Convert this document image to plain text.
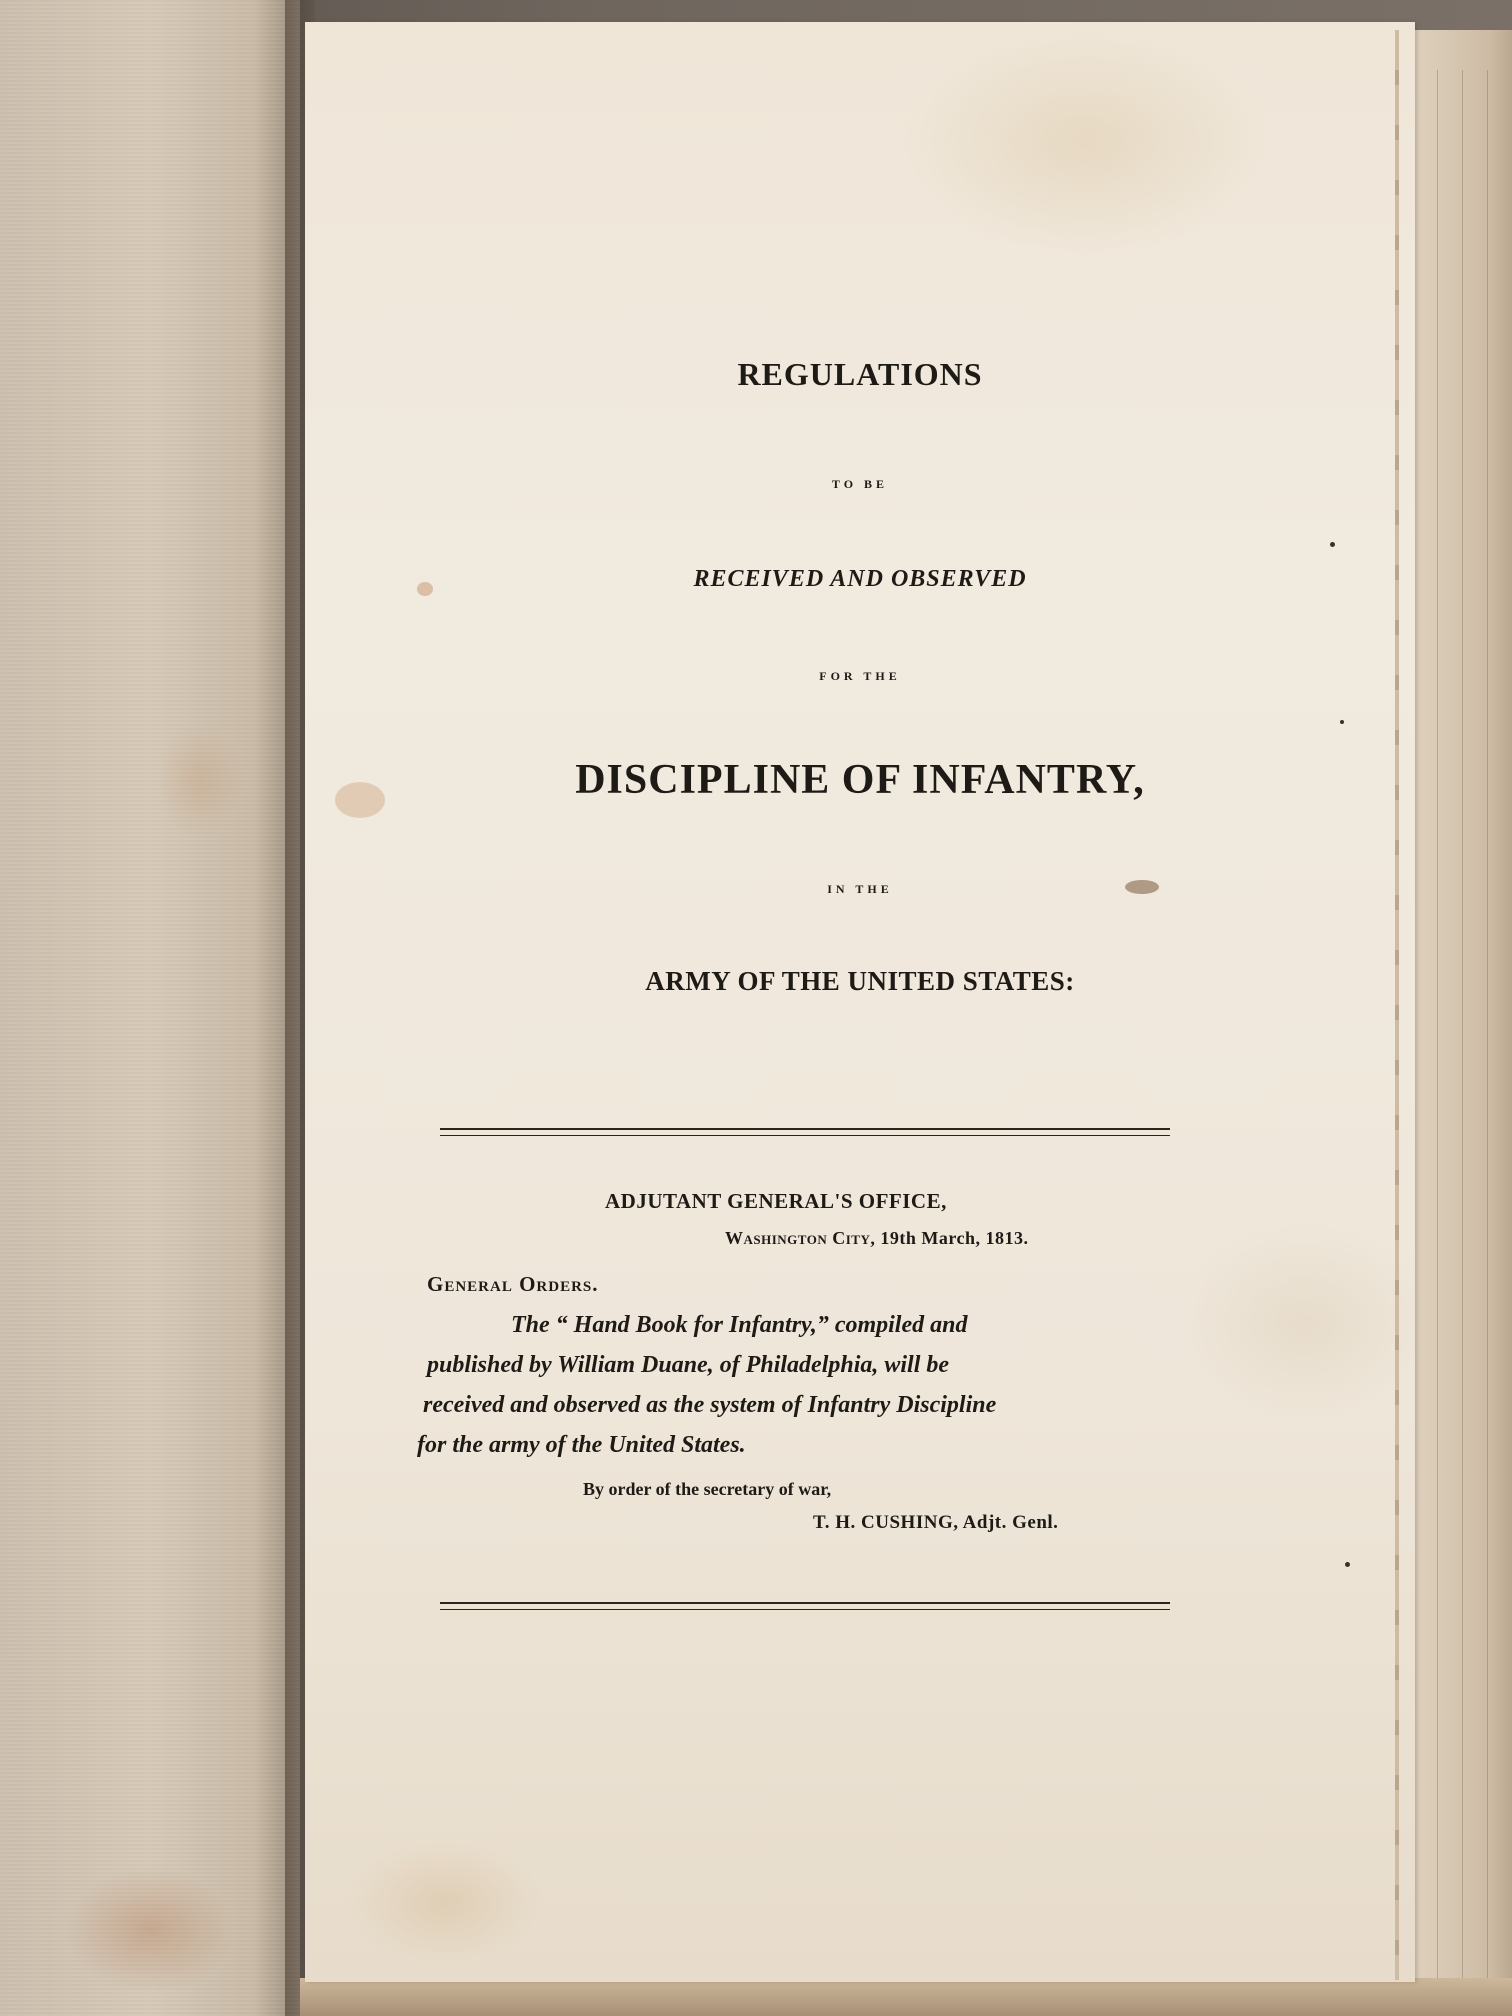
REGULATIONS
TO BE
RECEIVED AND OBSERVED
FOR THE
DISCIPLINE OF INFANTRY,
IN THE
ARMY OF THE UNITED STATES:
ADJUTANT GENERAL'S OFFICE,
Washington City, 19th March, 1813.
General Orders.
The “ Hand Book for Infantry,” compiled and
published by William Duane, of Philadelphia, will be
received and observed as the system of Infantry Discipline
for the army of the United States.
By order of the secretary of war,
T. H. CUSHING, Adjt. Genl.
